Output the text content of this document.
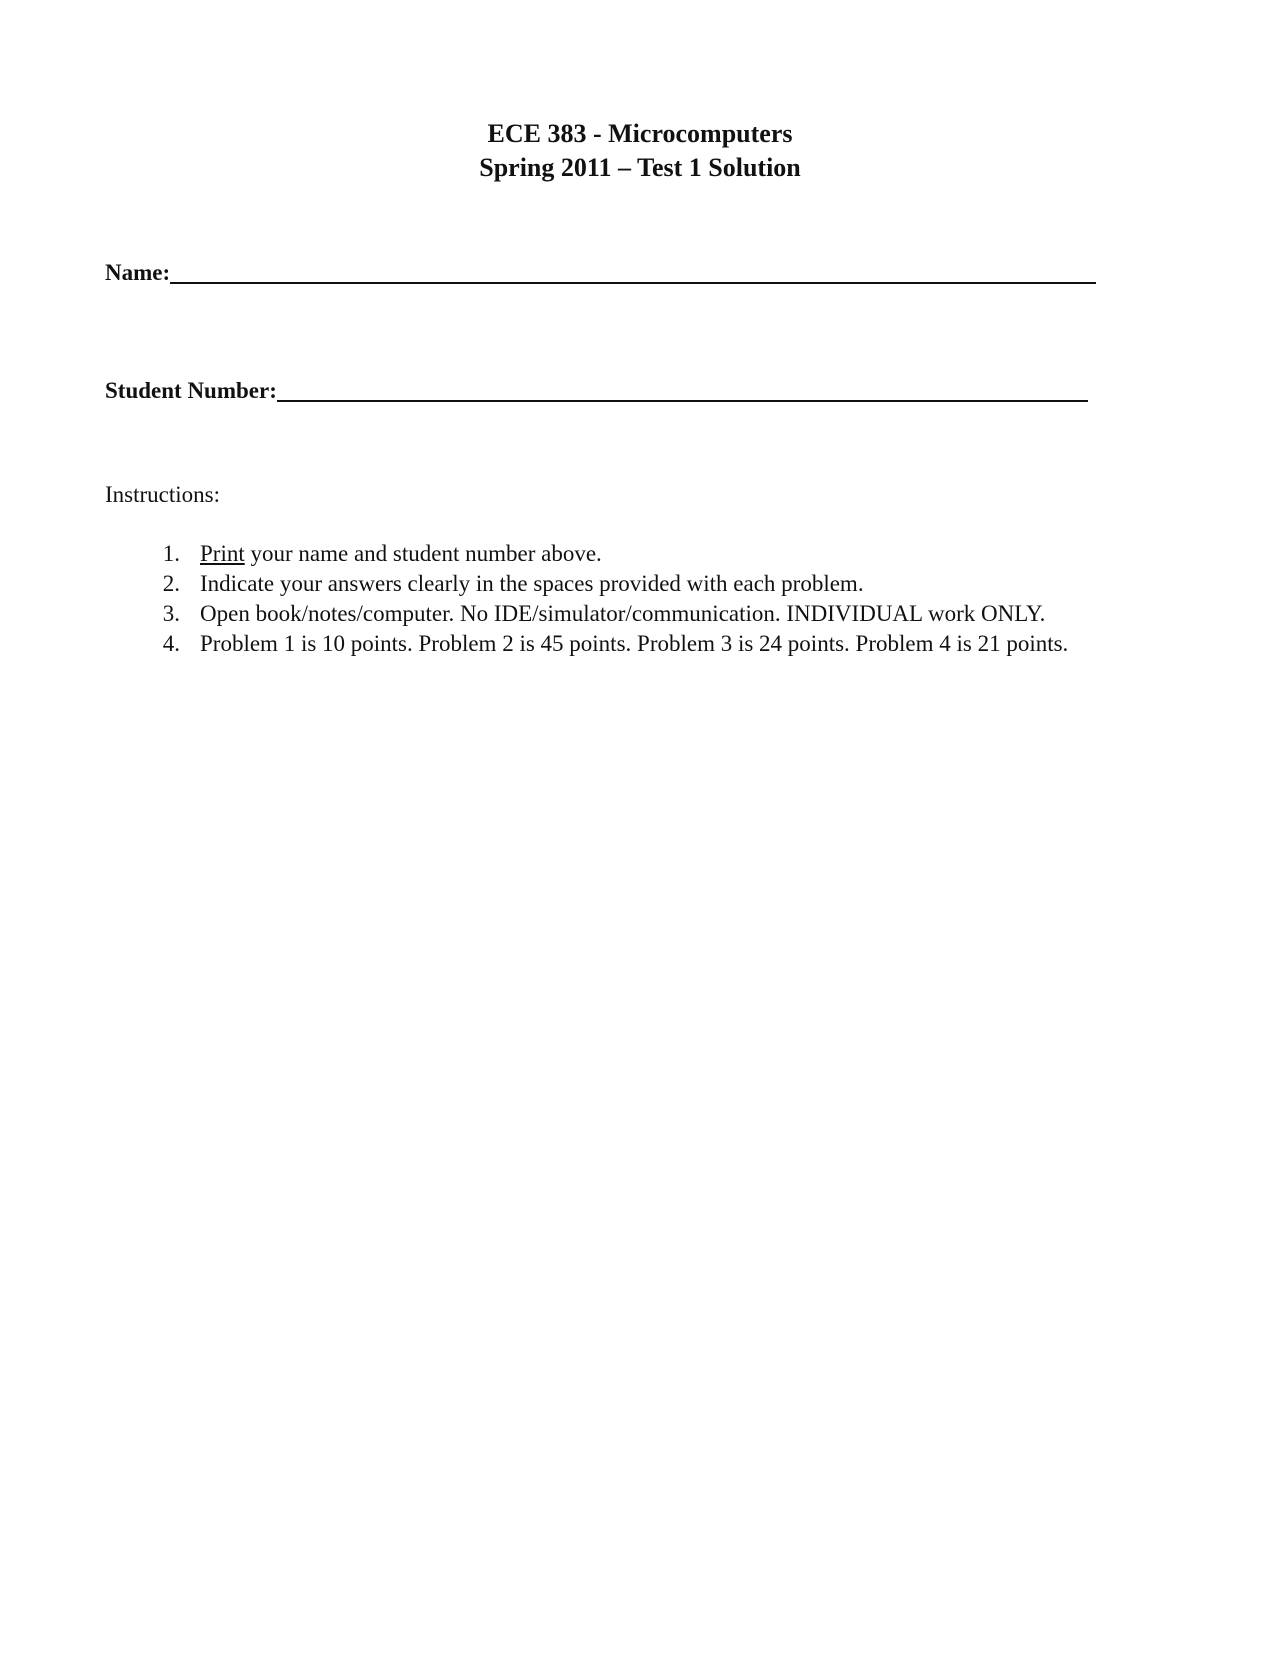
ECE 383 - Microcomputers

Spring 2011 – Test 1 Solution

Name:
Student Number:

Instructions:

1. Print your name and student number above.
2. Indicate your answers clearly in the spaces provided with each problem.
3. Open book/notes/computer. No IDE/simulator/communication. INDIVIDUAL work ONLY.
4. Problem 1 is 10 points. Problem 2 is 45 points. Problem 3 is 24 points. Problem 4 is 21 points.
